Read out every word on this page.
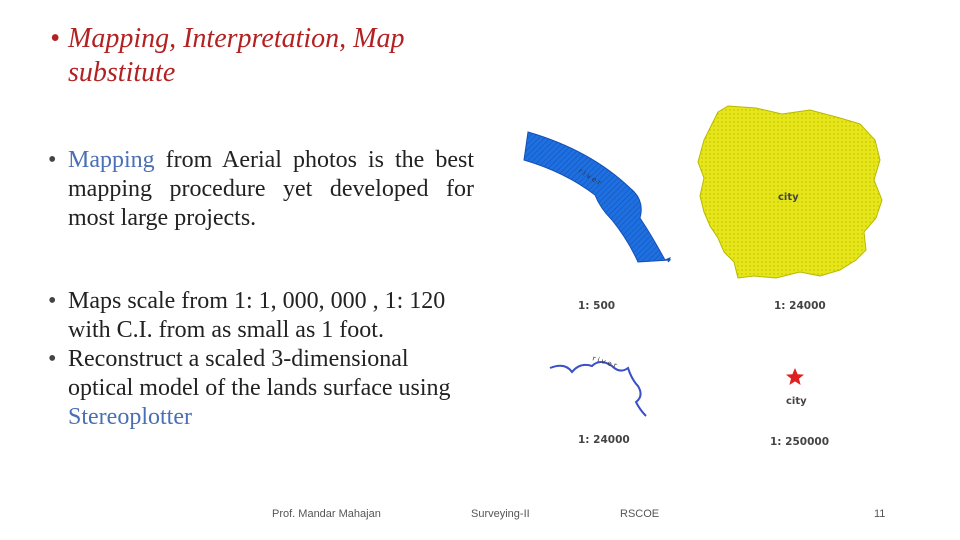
• Mapping, Interpretation, Map substitute

• Mapping from Aerial photos is the best mapping procedure yet developed for most large projects.

• Maps scale from 1: 1, 000, 000 , 1: 120 with C.I. from as small as 1 foot.

• Reconstruct a scaled 3-dimensional optical model of the lands surface using Stereoplotter

r i v e r
city
r i v e r
city
1: 500	1: 24000
1: 24000	1: 250000
Prof. Mandar Mahajan	Surveying-II	RSCOE	11
